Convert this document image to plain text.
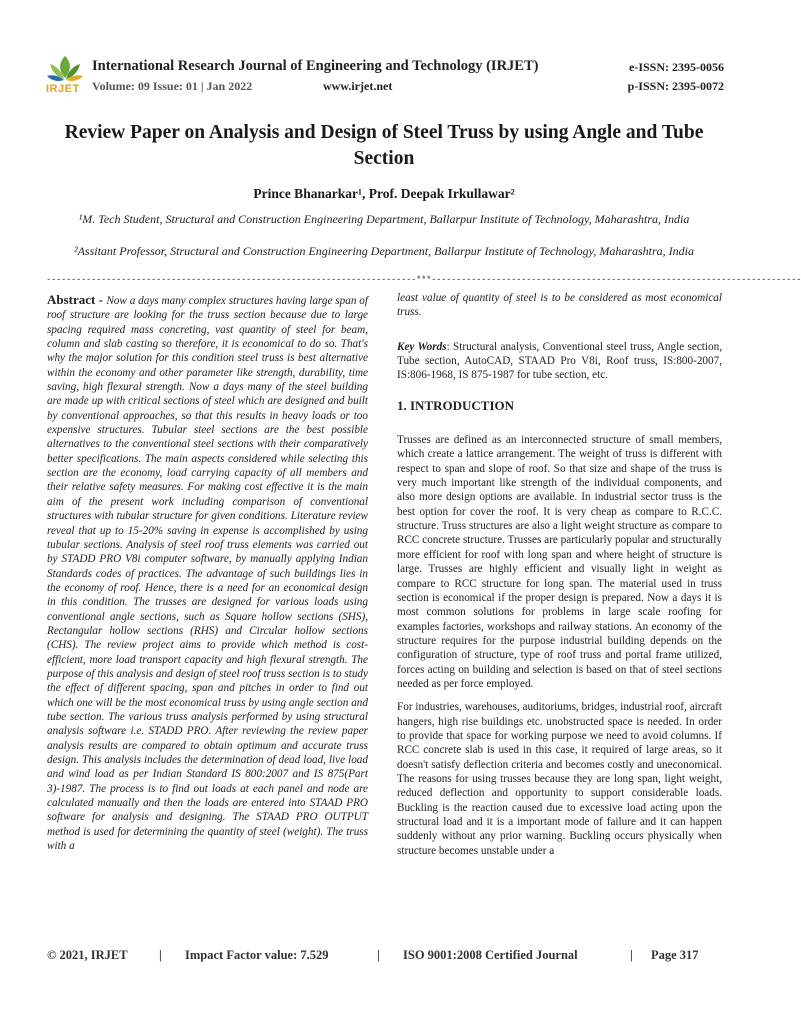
IRJET
International Research Journal of Engineering and Technology (IRJET)
Volume: 09 Issue: 01 | Jan 2022	www.irjet.net
e-ISSN: 2395-0056
p-ISSN: 2395-0072
Review Paper on Analysis and Design of Steel Truss by using Angle and Tube Section
Prince Bhanarkar¹, Prof. Deepak Irkullawar²
¹M. Tech Student, Structural and Construction Engineering Department, Ballarpur Institute of Technology, Maharashtra, India
²Assitant Professor, Structural and Construction Engineering Department, Ballarpur Institute of Technology, Maharashtra, India
--------------------------------------------------------------------------***--------------------------------------------------------------------------
Abstract - Now a days many complex structures having large span of roof structure are looking for the truss section because due to large spacing required mass concreting, vast quantity of steel for beam, column and slab casting so therefore, it is economical to do so. That's why the major solution for this condition steel truss is best alternative within the economy and other parameter like strength, durability, time saving, high flexural strength. Now a days many of the steel building are made up with critical sections of steel which are designed and built by conventional approaches, so that this results in heavy loads or too expensive structures. Tubular steel sections are the best possible alternatives to the conventional steel sections with their comparatively better specifications. The main aspects considered while selecting this section are the economy, load carrying capacity of all members and their relative safety measures. For making cost effective it is the main aim of the present work including comparison of conventional structures with tubular structure for given conditions. Literature review reveal that up to 15-20% saving in expense is accomplished by using tubular sections. Analysis of steel roof truss elements was carried out by STADD PRO V8i computer software, by manually applying Indian Standards codes of practices. The advantage of such buildings lies in the economy of roof. Hence, there is a need for an economical design in this condition. The trusses are designed for various loads using conventional angle sections, such as Square hollow sections (SHS), Rectangular hollow sections (RHS) and Circular hollow sections (CHS). The review project aims to provide which method is cost-efficient, more load transport capacity and high flexural strength. The purpose of this analysis and design of steel roof truss section is to study the effect of different spacing, span and pitches in order to find out which one will be the most economical truss by using angle section and tube section. The various truss analysis performed by using structural analysis software i.e. STADD PRO. After reviewing the review paper analysis results are compared to obtain optimum and accurate truss design. This analysis includes the determination of dead load, live load and wind load as per Indian Standard IS 800:2007 and IS 875(Part 3)-1987. The process is to find out loads at each panel and node are calculated manually and then the loads are entered into STAAD PRO software for analysis and designing. The STAAD PRO OUTPUT method is used for determining the quantity of steel (weight). The truss with a

least value of quantity of steel is to be considered as most economical truss.

Key Words: Structural analysis, Conventional steel truss, Angle section, Tube section, AutoCAD, STAAD Pro V8i, Roof truss, IS:800-2007, IS:806-1968, IS 875-1987 for tube section, etc.

1. INTRODUCTION

Trusses are defined as an interconnected structure of small members, which create a lattice arrangement. The weight of truss is different with respect to span and slope of roof. So that size and shape of the truss is very much important like strength of the individual components, and also more design options are available. In industrial sector truss is the best option for cover the roof. It is very cheap as compare to R.C.C. structure. Truss structures are also a light weight structure as compare to RCC concrete structure. Trusses are particularly popular and structurally more efficient for roof with long span and where height of structure is large. Trusses are highly efficient and visually light in weight as compare to RCC structure for long span. The material used in truss section is economical if the proper design is prepared. Now a days it is most common solutions for problems in large scale roofing for examples factories, workshops and railway stations. An economy of the structure requires for the purpose industrial building depends on the configuration of structure, type of roof truss and portal frame utilized, forces acting on building and selection is based on that of steel sections needed as per force employed.

For industries, warehouses, auditoriums, bridges, industrial roof, aircraft hangers, high rise buildings etc. unobstructed space is needed. In order to provide that space for working purpose we need to avoid columns. If RCC concrete slab is used in this case, it required of large areas, so it doesn't satisfy deflection criteria and becomes costly and uneconomical. The reasons for using trusses because they are long span, light weight, reduced deflection and opportunity to support considerable loads. Buckling is the reaction caused due to excessive load acting upon the structural load and it is a important mode of failure and it can happen suddenly without any prior warning. Buckling occurs physically when structure becomes unstable under a

© 2021, IRJET	| Impact Factor value: 7.529	| ISO 9001:2008 Certified Journal	| Page 317
